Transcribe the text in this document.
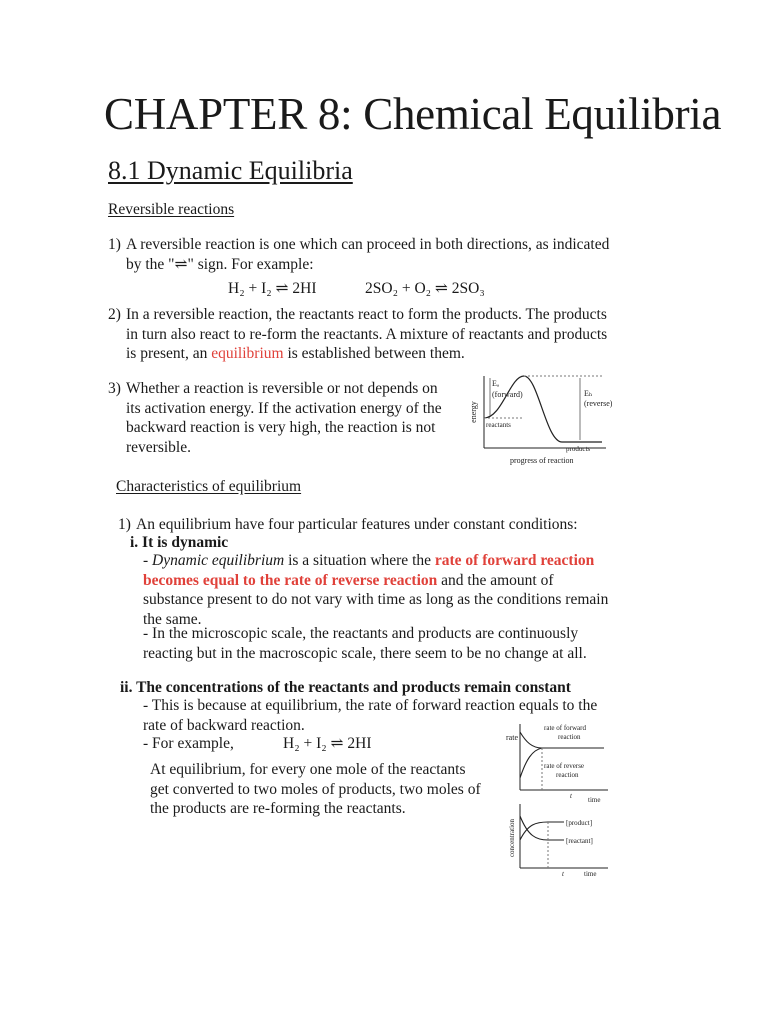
CHAPTER 8: Chemical Equilibria
8.1 Dynamic Equilibria
Reversible reactions
1) A reversible reaction is one which can proceed in both directions, as indicated by the "⇌" sign. For example:
H₂ + I₂ ⇌ 2HI	2SO₂ + O₂ ⇌ 2SO₃
2) In a reversible reaction, the reactants react to form the products. The products in turn also react to re-form the reactants. A mixture of reactants and products is present, an equilibrium is established between them.
3) Whether a reaction is reversible or not depends on its activation energy. If the activation energy of the backward reaction is very high, the reaction is not reversible.
energy
Eₐ
(forward)	Eₕ
(reverse)
reactants
products
progress of reaction
Characteristics of equilibrium
1) An equilibrium have four particular features under constant conditions:
i. It is dynamic
- Dynamic equilibrium is a situation where the rate of forward reaction becomes equal to the rate of reverse reaction and the amount of substance present to do not vary with time as long as the conditions remain the same.
- In the microscopic scale, the reactants and products are continuously reacting but in the macroscopic scale, there seem to be no change at all.
ii. The concentrations of the reactants and products remain constant
- This is because at equilibrium, the rate of forward reaction equals to the rate of backward reaction.
- For example,	H₂ + I₂ ⇌ 2HI
At equilibrium, for every one mole of the reactants get converted to two moles of products, two moles of the products are re-forming the reactants.
rate
rate of forward
reaction
rate of reverse
reaction
t time
concentration	[product]
[reactant]
t	time
